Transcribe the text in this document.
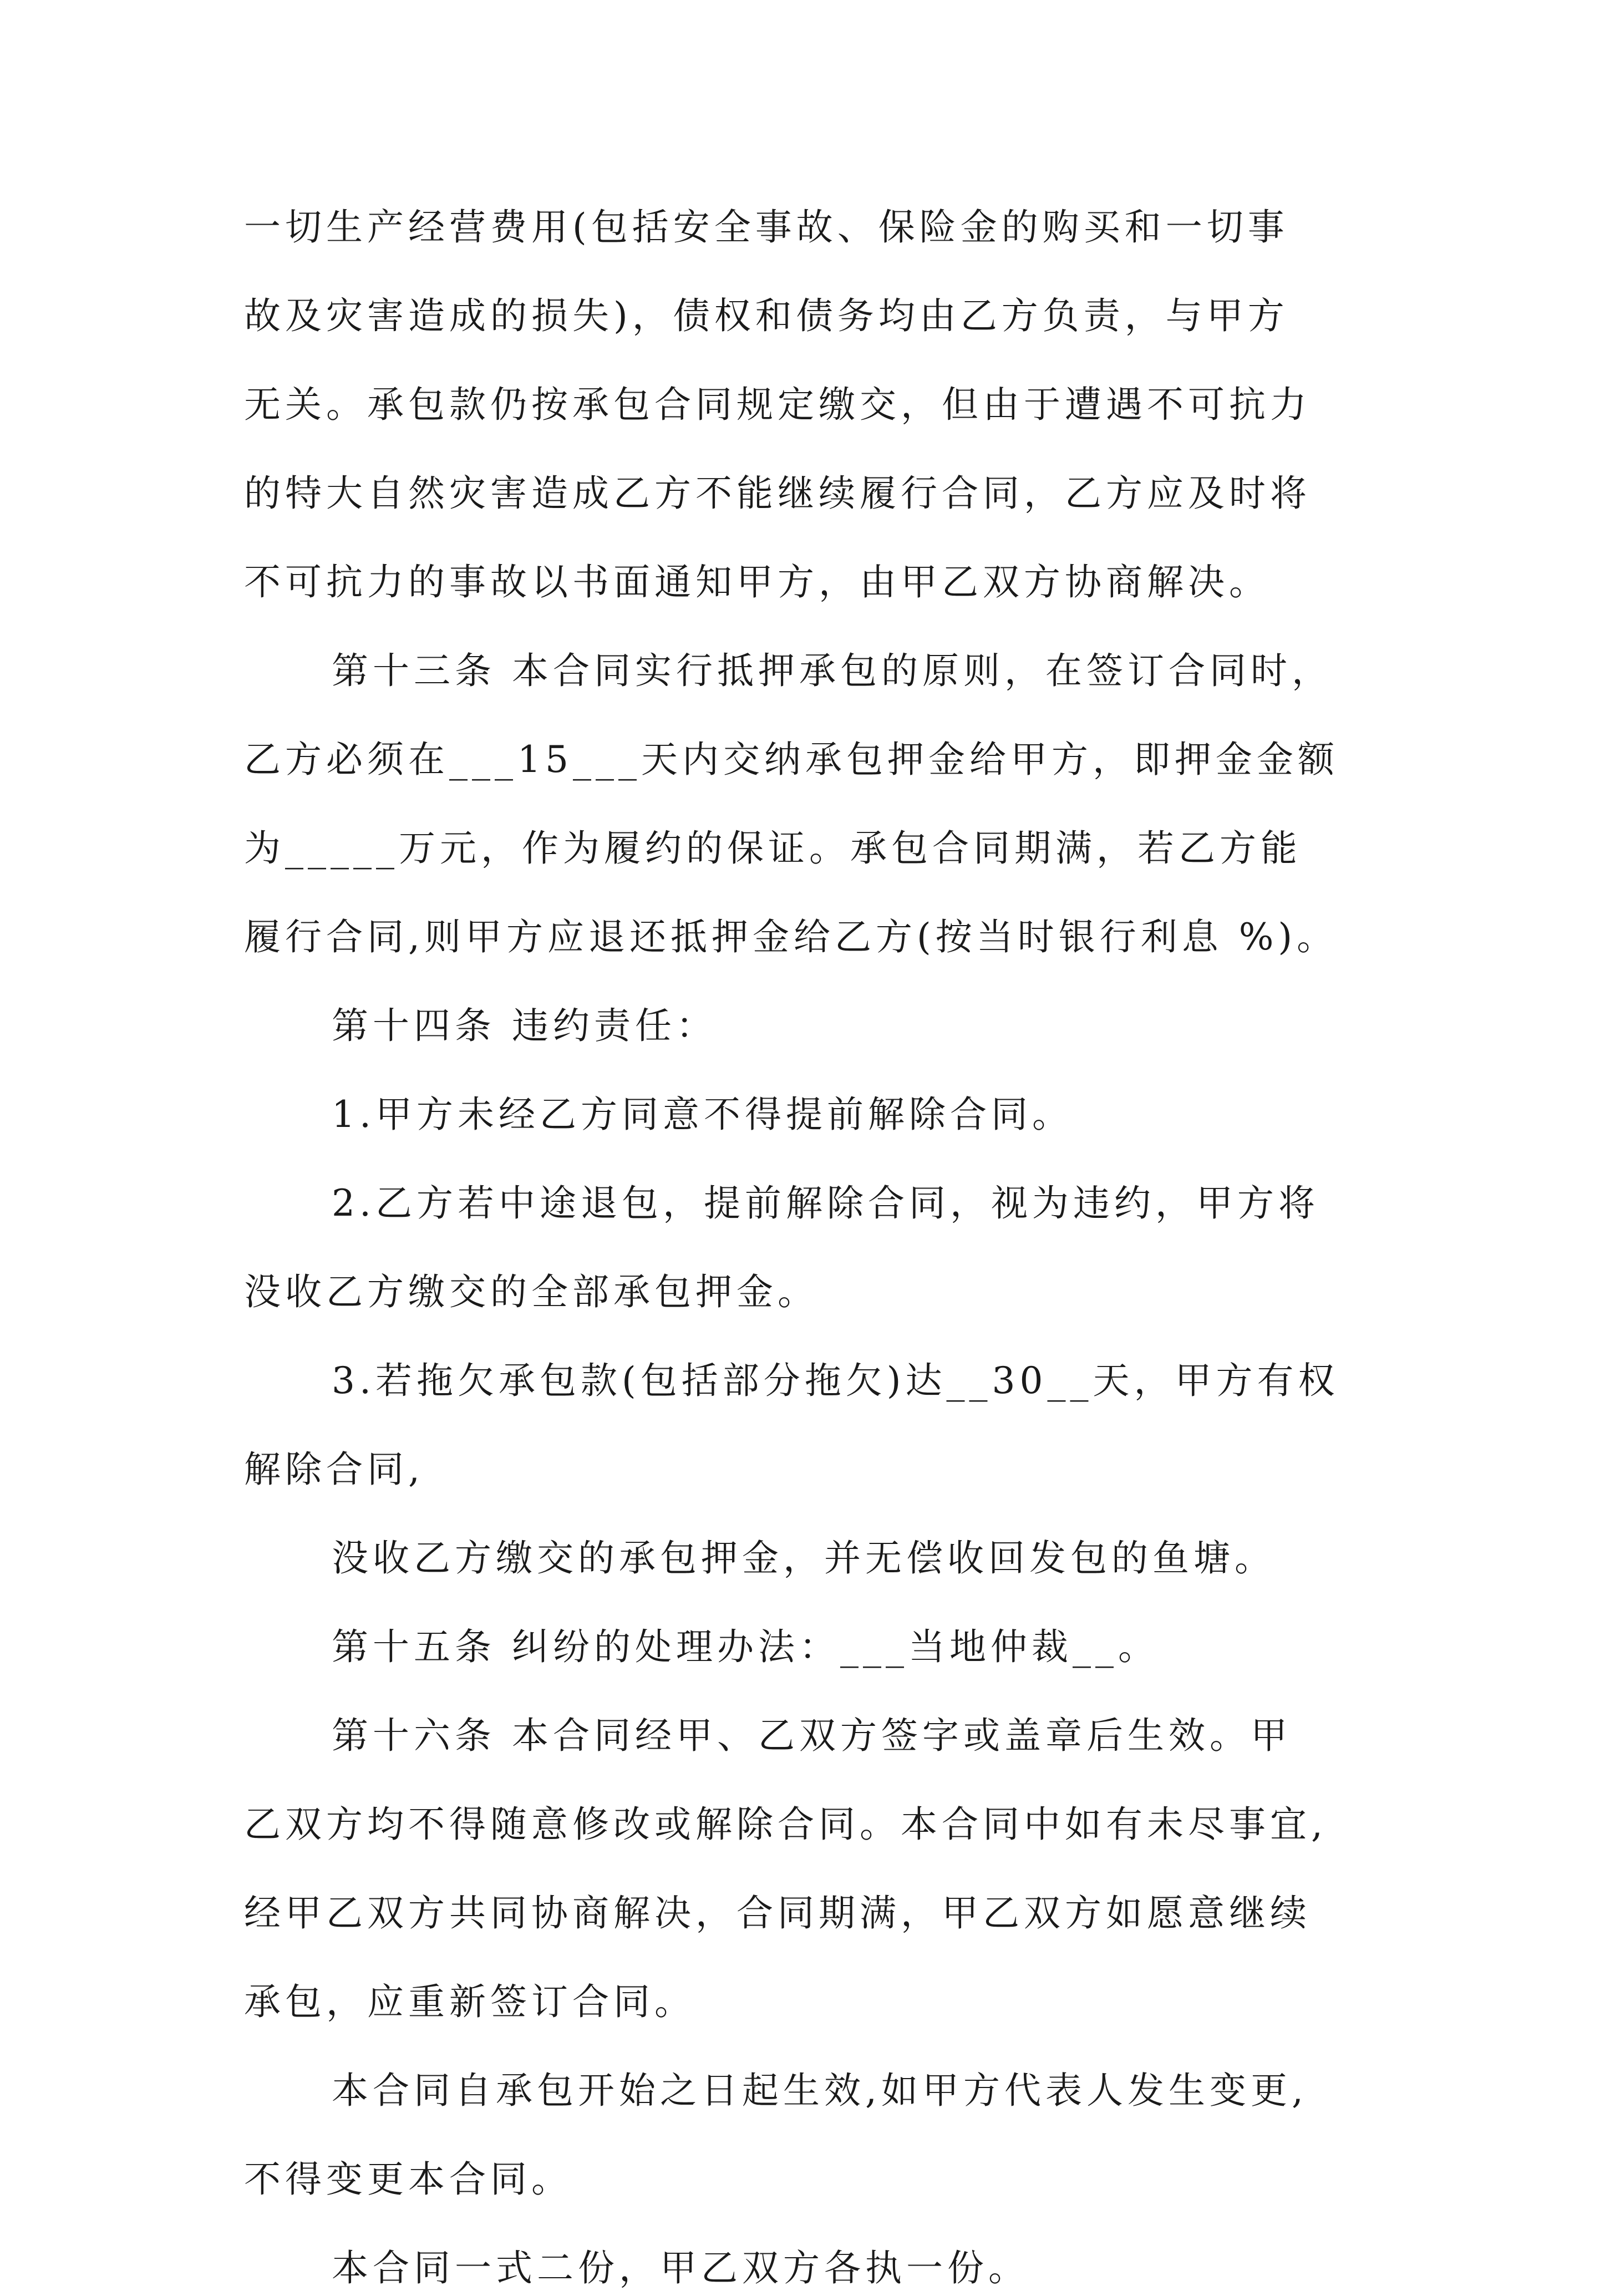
一切生产经营费用(包括安全事故、保险金的购买和一切事
故及灾害造成的损失)，债权和债务均由乙方负责，与甲方
无关。承包款仍按承包合同规定缴交，但由于遭遇不可抗力
的特大自然灾害造成乙方不能继续履行合同，乙方应及时将
不可抗力的事故以书面通知甲方，由甲乙双方协商解决。
第十三条 本合同实行抵押承包的原则，在签订合同时，
乙方必须在___15___天内交纳承包押金给甲方，即押金金额
为_____万元，作为履约的保证。承包合同期满，若乙方能
履行合同,则甲方应退还抵押金给乙方(按当时银行利息 %)。
第十四条 违约责任：
1.甲方未经乙方同意不得提前解除合同。
2.乙方若中途退包，提前解除合同，视为违约，甲方将
没收乙方缴交的全部承包押金。
3.若拖欠承包款(包括部分拖欠)达__30__天，甲方有权
解除合同,
没收乙方缴交的承包押金，并无偿收回发包的鱼塘。
第十五条 纠纷的处理办法：___当地仲裁__。
第十六条 本合同经甲、乙双方签字或盖章后生效。甲
乙双方均不得随意修改或解除合同。本合同中如有未尽事宜,
经甲乙双方共同协商解决，合同期满，甲乙双方如愿意继续
承包，应重新签订合同。
本合同自承包开始之日起生效,如甲方代表人发生变更,
不得变更本合同。
本合同一式二份，甲乙双方各执一份。
